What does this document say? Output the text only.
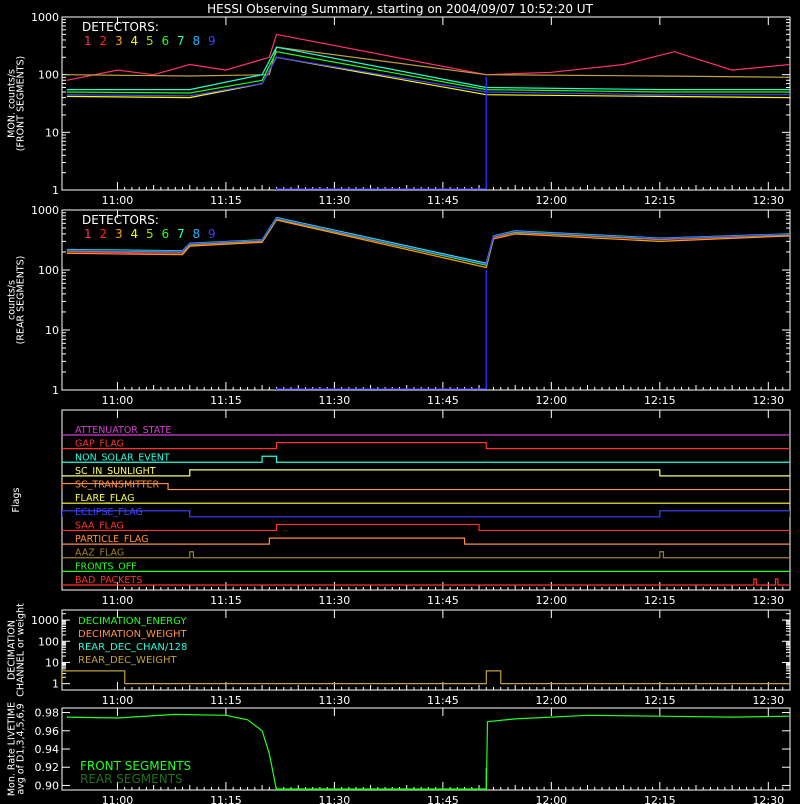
HESSI Observing Summary, starting on 2004/09/07 10:52:20 UT
MON. counts/s
(FRONT SEGMENTS)
11:00	11:15	11:30	11:45	12:00	12:15	12:30
1
10
100
1000
DETECTORS:
1 2 3 4 5 6 7 8 9
counts/s
(REAR SEGMENTS)
11:00	11:15	11:30	11:45	12:00	12:15	12:30
1
10
100
1000
DETECTORS:
1 2 3 4 5 6 7 8 9
Flags
11:00	11:15	11:30	11:45	12:00	12:15	12:30
ATTENUATOR_STATE
GAP_FLAG
NON_SOLAR_EVENT
SC_IN_SUNLIGHT
SC_TRANSMITTER
FLARE_FLAG
ECLIPSE_FLAG
SAA_FLAG
PARTICLE_FLAG
AAZ_FLAG
FRONTS_OFF
BAD_PACKETS
DECIMATION
CHANNEL or weight
11:00	11:15	11:30	11:45	12:00	12:15	12:30
1
10
100
1000 DECIMATION_ENERGY
DECIMATION_WEIGHT
REAR_DEC_CHAN/128
REAR_DEC_WEIGHT
Mon. Rate LIVETIME
avg of D1,3,4,5,6,9
11:00	11:15	11:30	11:45	12:00	12:15	12:30
0.90
0.92
0.94
0.96
0.98
FRONT SEGMENTS
REAR SEGMENTS
